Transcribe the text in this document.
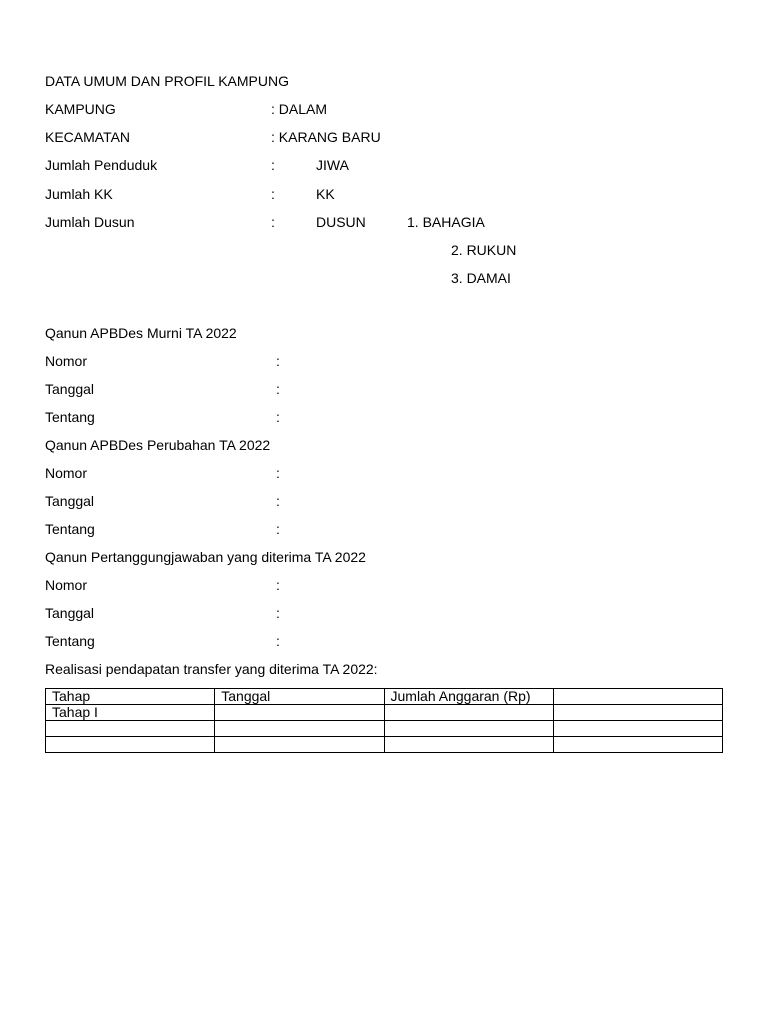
DATA UMUM DAN PROFIL KAMPUNG
KAMPUNG	: DALAM
KECAMATAN	: KARANG BARU
Jumlah Penduduk	:	JIWA
Jumlah KK	:	KK
Jumlah Dusun	:	DUSUN	1. BAHAGIA
2. RUKUN
3. DAMAI
Qanun APBDes Murni TA 2022
Nomor	:
Tanggal	:
Tentang	:
Qanun APBDes Perubahan TA 2022
Nomor	:
Tanggal	:
Tentang	:
Qanun Pertanggungjawaban yang diterima TA 2022
Nomor	:
Tanggal	:
Tentang	:
Realisasi pendapatan transfer yang diterima TA 2022:
Tahap	Tanggal	Jumlah Anggaran (Rp)	
Tahap I			
